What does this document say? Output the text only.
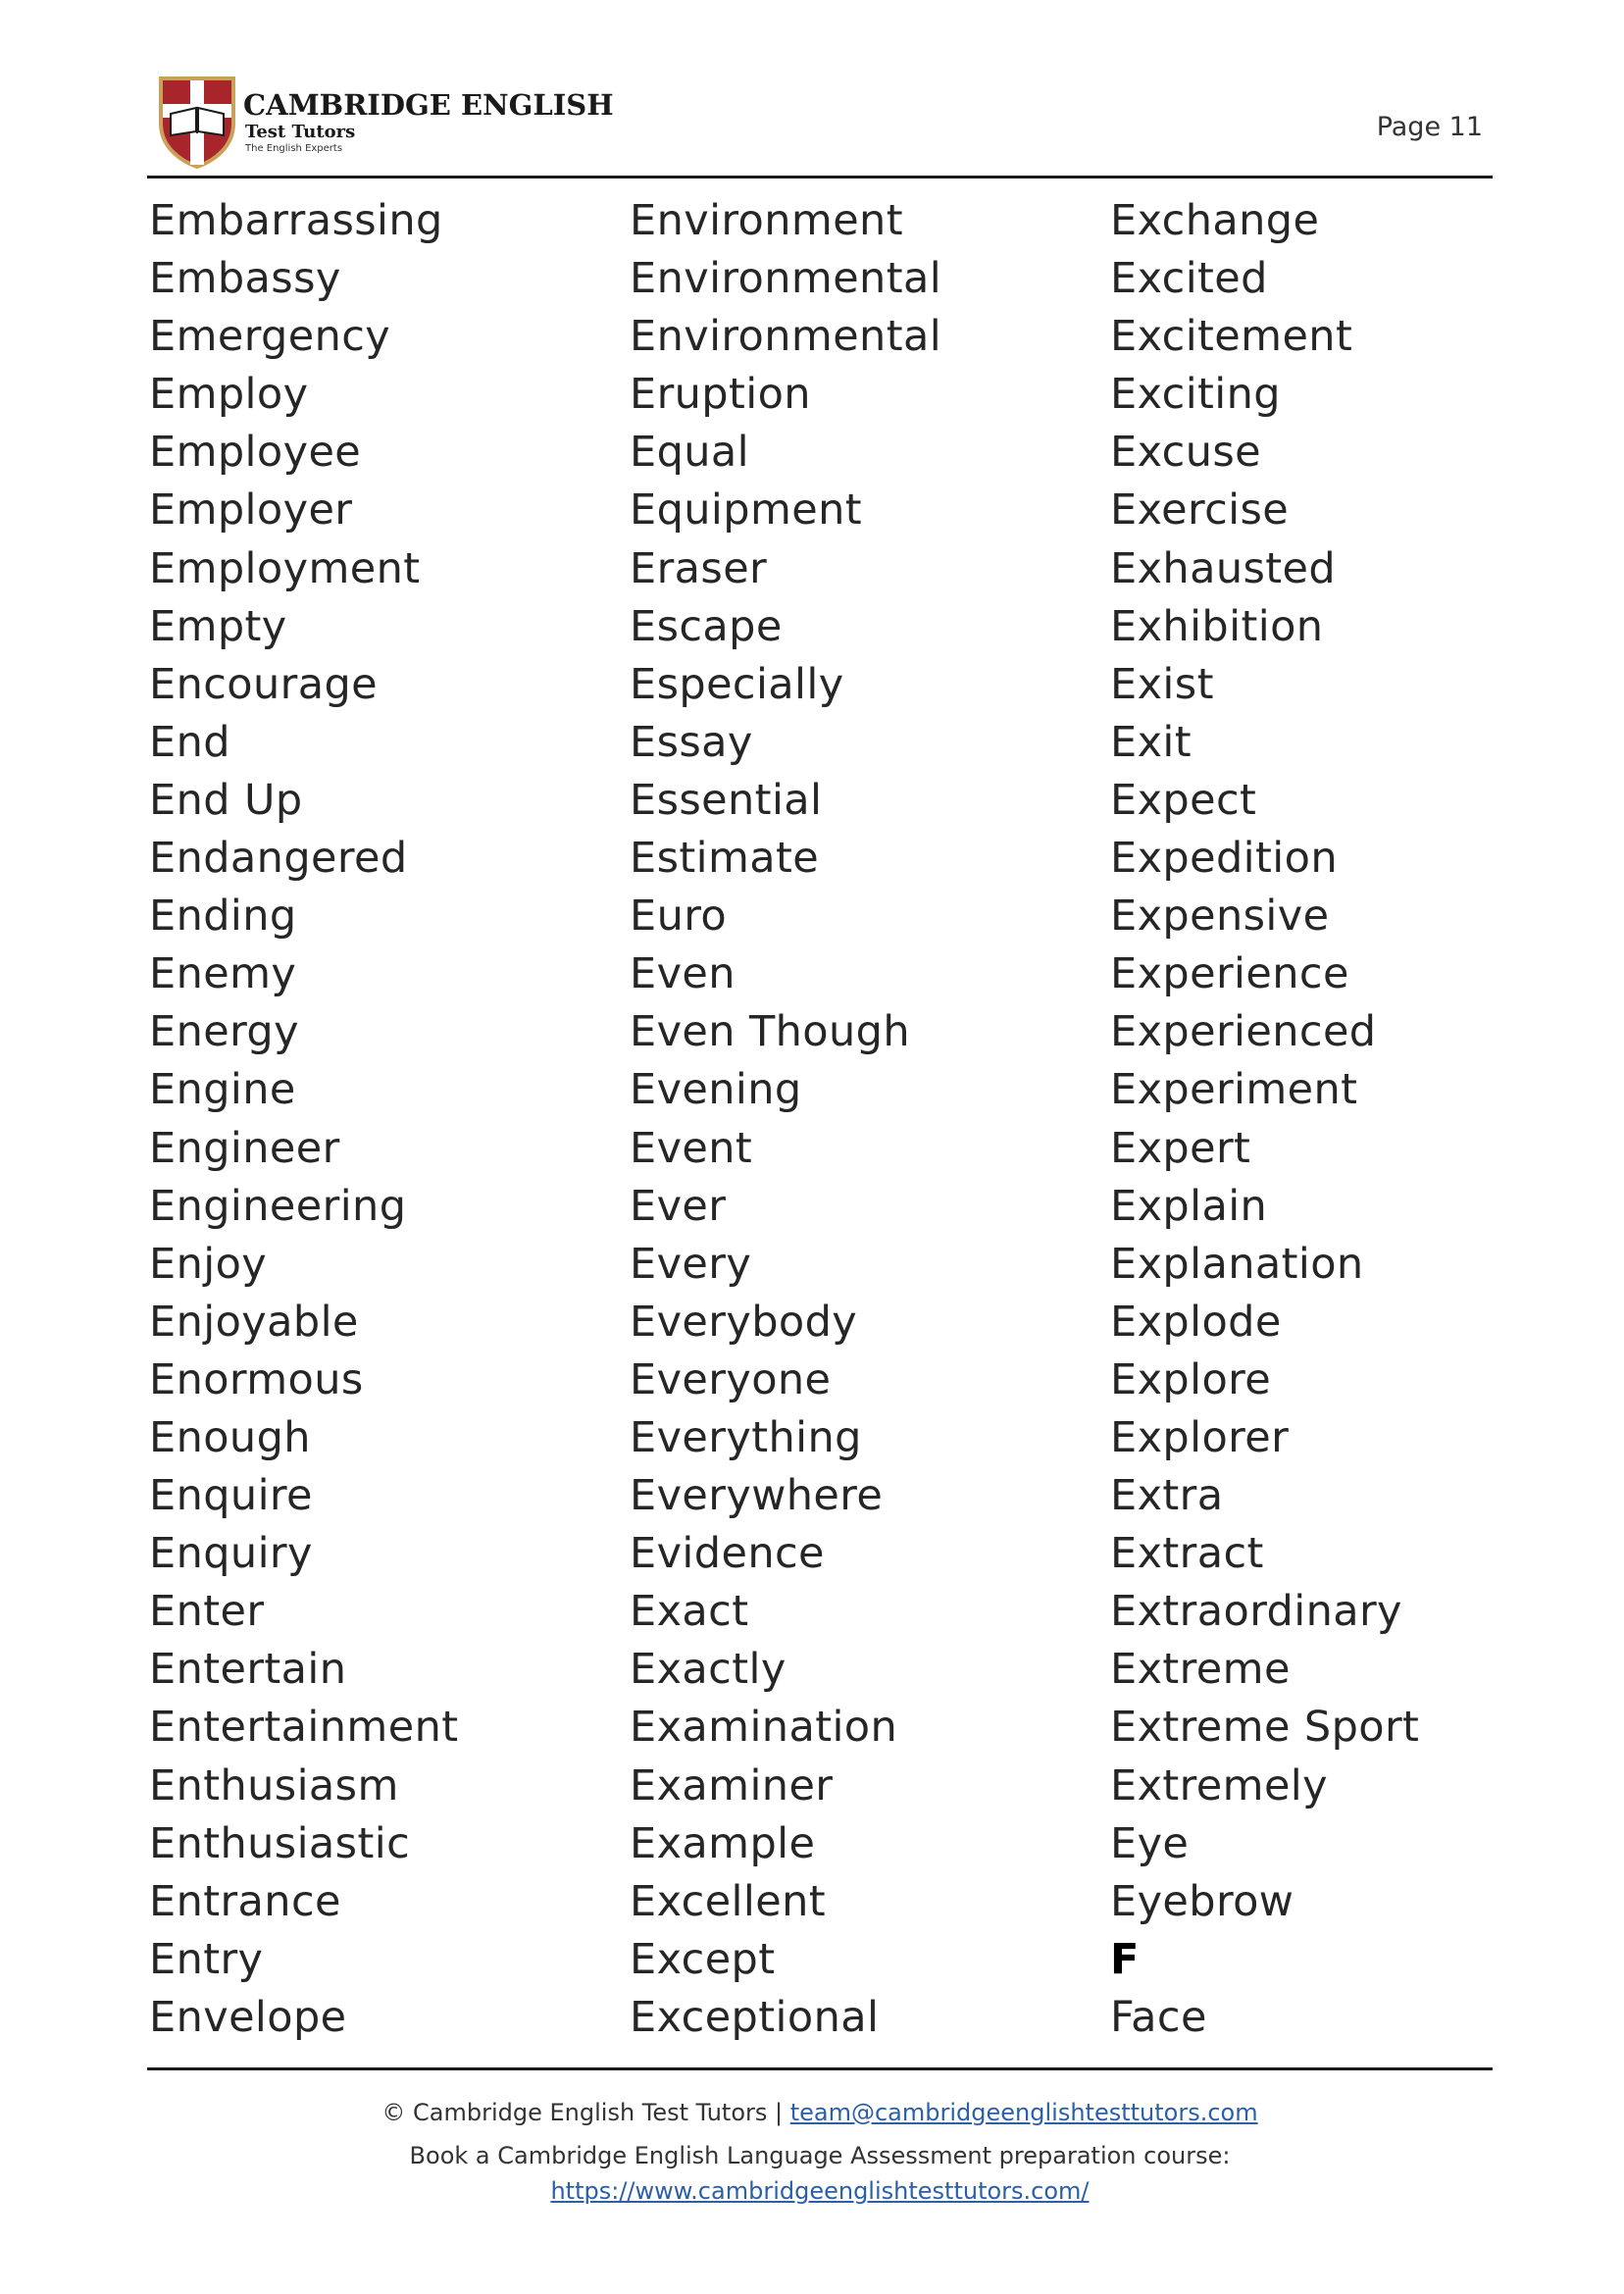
CAMBRIDGE ENGLISH
Test Tutors
The English Experts
Page 11
Embarrassing
Embassy
Emergency
Employ
Employee
Employer
Employment
Empty
Encourage
End
End Up
Endangered
Ending
Enemy
Energy
Engine
Engineer
Engineering
Enjoy
Enjoyable
Enormous
Enough
Enquire
Enquiry
Enter
Entertain
Entertainment
Enthusiasm
Enthusiastic
Entrance
Entry
Envelope
Environment
Environmental
Environmental
Eruption
Equal
Equipment
Eraser
Escape
Especially
Essay
Essential
Estimate
Euro
Even
Even Though
Evening
Event
Ever
Every
Everybody
Everyone
Everything
Everywhere
Evidence
Exact
Exactly
Examination
Examiner
Example
Excellent
Except
Exceptional
Exchange
Excited
Excitement
Exciting
Excuse
Exercise
Exhausted
Exhibition
Exist
Exit
Expect
Expedition
Expensive
Experience
Experienced
Experiment
Expert
Explain
Explanation
Explode
Explore
Explorer
Extra
Extract
Extraordinary
Extreme
Extreme Sport
Extremely
Eye
Eyebrow
F
Face
© Cambridge English Test Tutors | team@cambridgeenglishtesttutors.com
Book a Cambridge English Language Assessment preparation course:
https://www.cambridgeenglishtesttutors.com/
